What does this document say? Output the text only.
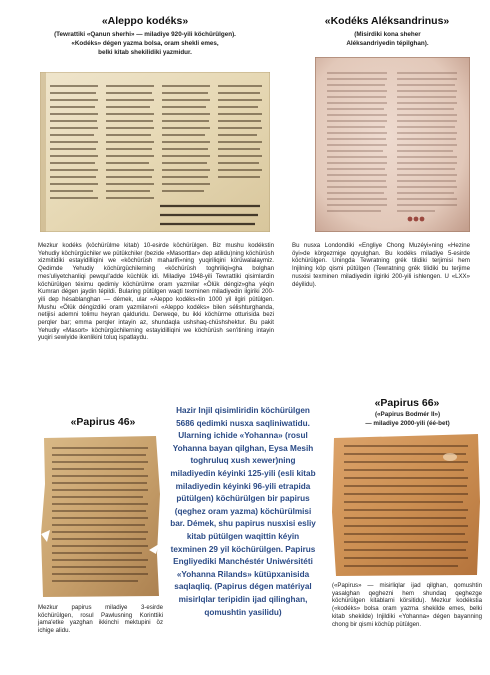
«Aleppo kodéks»
(Tewrattiki «Qanun sherhi» — miladiye 920-yili köchürülgen).
«Kodéks» dégen yazma bolsa, oram shekli emes,
belki kitab shekilidiki yazmidur.
Mezkur kodéks (köchürülme kitab) 10-esirde köchürülgen. Biz mushu kodékstin Yehudiy köchürgüchiler we pütükchiler (bezide «Masorttlar» dep atilidu)ning köchürüsh xizmitidiki estayidilliqini we «köchürüsh maharifi»ning yuqiriliqini körüwalalaymiz. Qedimde Yehudiy köchürgüchilerning «köchürüsh toghriliqi»gha bolghan mes'uliyetchanliqi pewqul'adde küchlük idi. Miladiye 1948-yili Tewrattiki qisimlardin köchürülgen téximu qedimiy köchürülme oram yazmilar «Ölük déngiz»gha yéqin Kumran dégen jaydin tépildi. Bularing pütülgen waqti texminen miladiyedin ilgiriki 200-yili dep hésablanghan — démek, ular «Aleppo kodéks»tin 1000 yil ilgiri pütülgen. Mushu «Ölük déngizdiki oram yazmilar»ni «Aleppo kodéks» bilen sélishturghanda, netijisi ademni tolimu heyran qalduridu. Derweqe, bu ikki köchürme otturisida bezi perqler bar; emma perqler intayin az, shundaqla ushshaq-chüshshektur. Bu pakit Yehudiy «Masort» köchürgüchilerning estayidilliqini we köchürüsh sen'itining intayin yuqiri sewiyide ikenlikini toluq ispatlaydu.
«Kodéks Aléksandrinus»
(Misirdiki kona sheher
Aléksandriyedin tépilghan).
Bu nusxa Londondiki «Engliye Chong Muzéyi»ning «Hezine öyi»de körgezmige qoyulghan. Bu kodéks miladiye 5-esirde köchürülgen. Uningda Tewratning grék tilidiki terjimisi hem Injilning köp qismi pütülgen (Tewratning grék tilidiki bu terjime nusxisi texminen miladiyedin ilgiriki 200-yili ishlengen. U «LXX» déyilidu).
«Papirus 46»
Mezkur papirus miladiye 3-esirde köchürülgen, rosul Pawlusning Korinttiki jama'etke yazghan ikkinchi mektupini öz ichige alidu.
Hazir Injil qisimliridin köchürülgen 5686 qedimki nusxa saqliniwatidu. Ularning ichide «Yohanna» (rosul Yohanna bayan qilghan, Eysa Mesih toghruluq xush xewer)ning miladiyedin kéyinki 125-yili (esli kitab miladiyedin kéyinki 96-yili etrapida pütülgen) köchürülgen bir papirus (qeghez oram yazma) köchürülmisi bar. Démek, shu papirus nusxisi esliy kitab pütülgen waqittin kéyin texminen 29 yil köchürülgen. Papirus Engliyediki Manchéstér Uniwérsitéti «Yohanna Rilands» kütüpxanisida saqlaqliq. (Papirus dégen matériyal misirlqlar teripidin ijad qilinghan, qomushtin yasilidu)
«Papirus 66»
(«Papirus Bodmér II»)
— miladiye 2000-yili (éé-bet)
(«Papirus» — misirliqlar ijad qilghan, qomushtin yasalghan qeghezni hem shundaq qeghezge köchürülgen kitablarni körsitidu). Mezkur kodékstia («kodéks» bolsa oram yazma shekilde emes, belki kitab shekilde) Injildiki «Yohanna» dégen bayanning chong bir qismi köchüp pütülgen.
